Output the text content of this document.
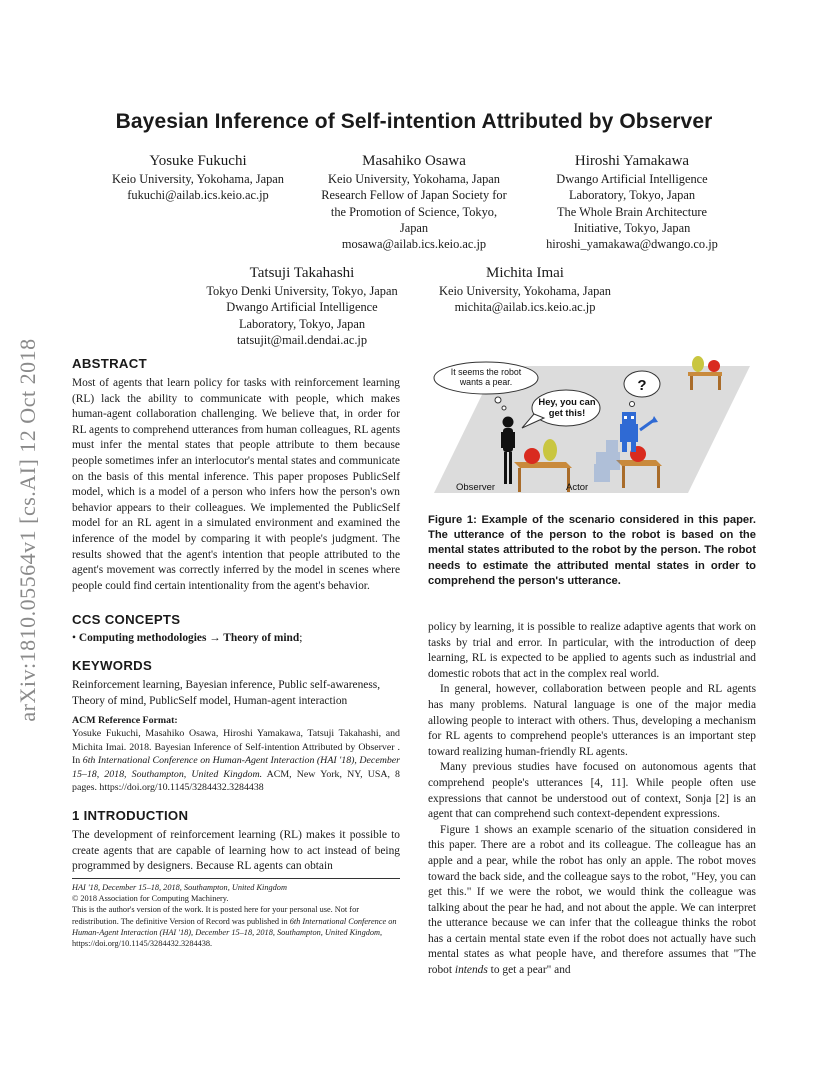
arXiv:1810.05564v1 [cs.AI] 12 Oct 2018
Bayesian Inference of Self-intention Attributed by Observer
Yosuke Fukuchi
Keio University, Yokohama, Japan
fukuchi@ailab.ics.keio.ac.jp
Masahiko Osawa
Keio University, Yokohama, Japan
Research Fellow of Japan Society for
the Promotion of Science, Tokyo,
Japan
mosawa@ailab.ics.keio.ac.jp
Hiroshi Yamakawa
Dwango Artificial Intelligence
Laboratory, Tokyo, Japan
The Whole Brain Architecture
Initiative, Tokyo, Japan
hiroshi_yamakawa@dwango.co.jp
Tatsuji Takahashi
Tokyo Denki University, Tokyo, Japan
Dwango Artificial Intelligence
Laboratory, Tokyo, Japan
tatsujit@mail.dendai.ac.jp
Michita Imai
Keio University, Yokohama, Japan
michita@ailab.ics.keio.ac.jp
ABSTRACT
Most of agents that learn policy for tasks with reinforcement learning (RL) lack the ability to communicate with people, which makes human-agent collaboration challenging. We believe that, in order for RL agents to comprehend utterances from human colleagues, RL agents must infer the mental states that people attribute to them because people sometimes infer an interlocutor's mental states and communicate on the basis of this mental inference. This paper proposes PublicSelf model, which is a model of a person who infers how the person's own behavior appears to their colleagues. We implemented the PublicSelf model for an RL agent in a simulated environment and examined the inference of the model by comparing it with people's judgment. The results showed that the agent's intention that people attributed to the agent's movement was correctly inferred by the model in scenes where people could find certain intentionality from the agent's behavior.
CCS CONCEPTS
• Computing methodologies → Theory of mind;
KEYWORDS
Reinforcement learning, Bayesian inference, Public self-awareness, Theory of mind, PublicSelf model, Human-agent interaction
ACM Reference Format:
Yosuke Fukuchi, Masahiko Osawa, Hiroshi Yamakawa, Tatsuji Takahashi, and Michita Imai. 2018. Bayesian Inference of Self-intention Attributed by Observer . In 6th International Conference on Human-Agent Interaction (HAI '18), December 15–18, 2018, Southampton, United Kingdom. ACM, New York, NY, USA, 8 pages. https://doi.org/10.1145/3284432.3284438
1 INTRODUCTION
The development of reinforcement learning (RL) makes it possible to create agents that are capable of learning how to act instead of being programmed by designers. Because RL agents can obtain
HAI '18, December 15–18, 2018, Southampton, United Kingdom
© 2018 Association for Computing Machinery.
This is the author's version of the work. It is posted here for your personal use. Not for redistribution. The definitive Version of Record was published in 6th International Conference on Human-Agent Interaction (HAI '18), December 15–18, 2018, Southampton, United Kingdom, https://doi.org/10.1145/3284432.3284438.
It seems the robot wants a pear.
Hey, you can get this!
?
Observer	Actor
Figure 1: Example of the scenario considered in this paper. The utterance of the person to the robot is based on the mental states attributed to the robot by the person. The robot needs to estimate the attributed mental states in order to comprehend the person's utterance.

policy by learning, it is possible to realize adaptive agents that work on tasks by trial and error. In particular, with the introduction of deep learning, RL is expected to be applied to agents such as industrial and domestic robots that act in the complex real world.

In general, however, collaboration between people and RL agents has many problems. Natural language is one of the major media allowing people to interact with others. Thus, developing a mechanism for RL agents to comprehend people's utterances is an important step toward realizing human-friendly RL agents.

Many previous studies have focused on autonomous agents that comprehend people's utterances [4, 11]. While people often use expressions that cannot be understood out of context, Sonja [2] is an agent that can comprehend such context-dependent expressions.

Figure 1 shows an example scenario of the situation considered in this paper. There are a robot and its colleague. The colleague has an apple and a pear, while the robot has only an apple. The robot moves toward the back side, and the colleague says to the robot, "Hey, you can get this." If we were the robot, we would think the colleague was talking about the pear he had, and not about the apple. We can interpret the utterance because we can infer that the colleague thinks the robot has a certain mental state even if the robot does not actually have such mental states as what people have, and therefore assumes that "The robot intends to get a pear" and
